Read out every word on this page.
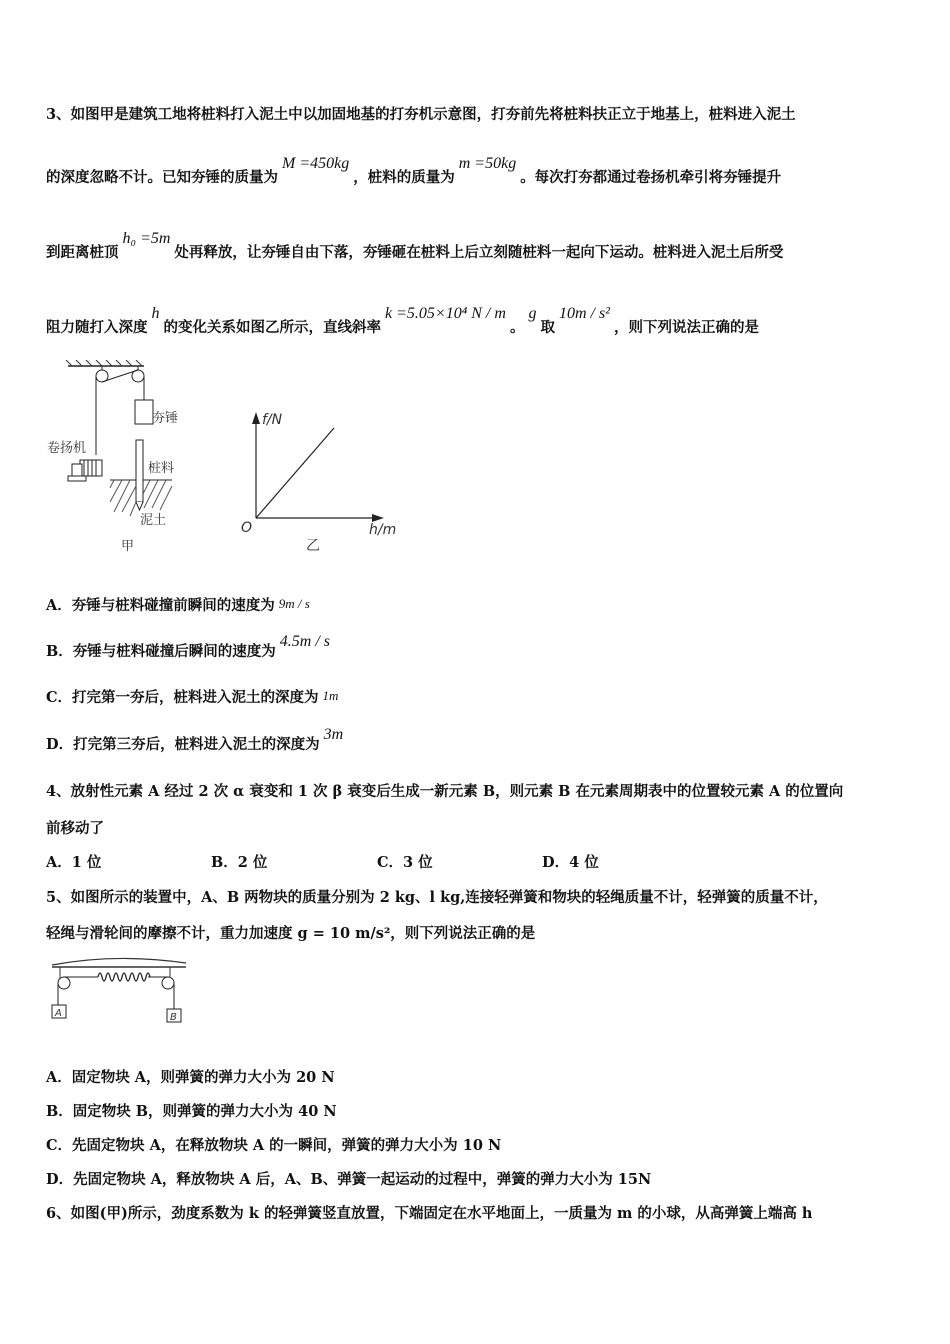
3、如图甲是建筑工地将桩料打入泥土中以加固地基的打夯机示意图，打夯前先将桩料扶正立于地基上，桩料进入泥土
的深度忽略不计。已知夯锤的质量为M =450kg，桩料的质量为m =50kg。每次打夯都通过卷扬机牵引将夯锤提升
到距离桩顶h₀ =5m处再释放，让夯锤自由下落，夯锤砸在桩料上后立刻随桩料一起向下运动。桩料进入泥土后所受
阻力随打入深度h的变化关系如图乙所示，直线斜率k =5.05×10⁴ N / m。g取10m / s²，则下列说法正确的是
夯锤
卷扬机
桩料
泥土
甲
f/N
h/m
O
乙
A．夯锤与桩料碰撞前瞬间的速度为 9m / s
B．夯锤与桩料碰撞后瞬间的速度为4.5m / s
C．打完第一夯后，桩料进入泥土的深度为 1m
D．打完第三夯后，桩料进入泥土的深度为3m
4、放射性元素 A 经过 2 次 α 衰变和 1 次 β 衰变后生成一新元素 B，则元素 B 在元素周期表中的位置较元素 A 的位置向
前移动了
A．1 位	B．2 位	C．3 位	D．4 位
5、如图所示的装置中，A、B 两物块的质量分别为 2 kg、l kg,连接轻弹簧和物块的轻绳质量不计，轻弹簧的质量不计，
轻绳与滑轮间的摩擦不计，重力加速度 g = 10 m/s²，则下列说法正确的是
A	B
A．固定物块 A，则弹簧的弹力大小为 20 N
B．固定物块 B，则弹簧的弹力大小为 40 N
C．先固定物块 A，在释放物块 A 的一瞬间，弹簧的弹力大小为 10 N
D．先固定物块 A，释放物块 A 后，A、B、弹簧一起运动的过程中，弹簧的弹力大小为 15N
6、如图(甲)所示，劲度系数为 k 的轻弹簧竖直放置，下端固定在水平地面上，一质量为 m 的小球，从高弹簧上端高 h
